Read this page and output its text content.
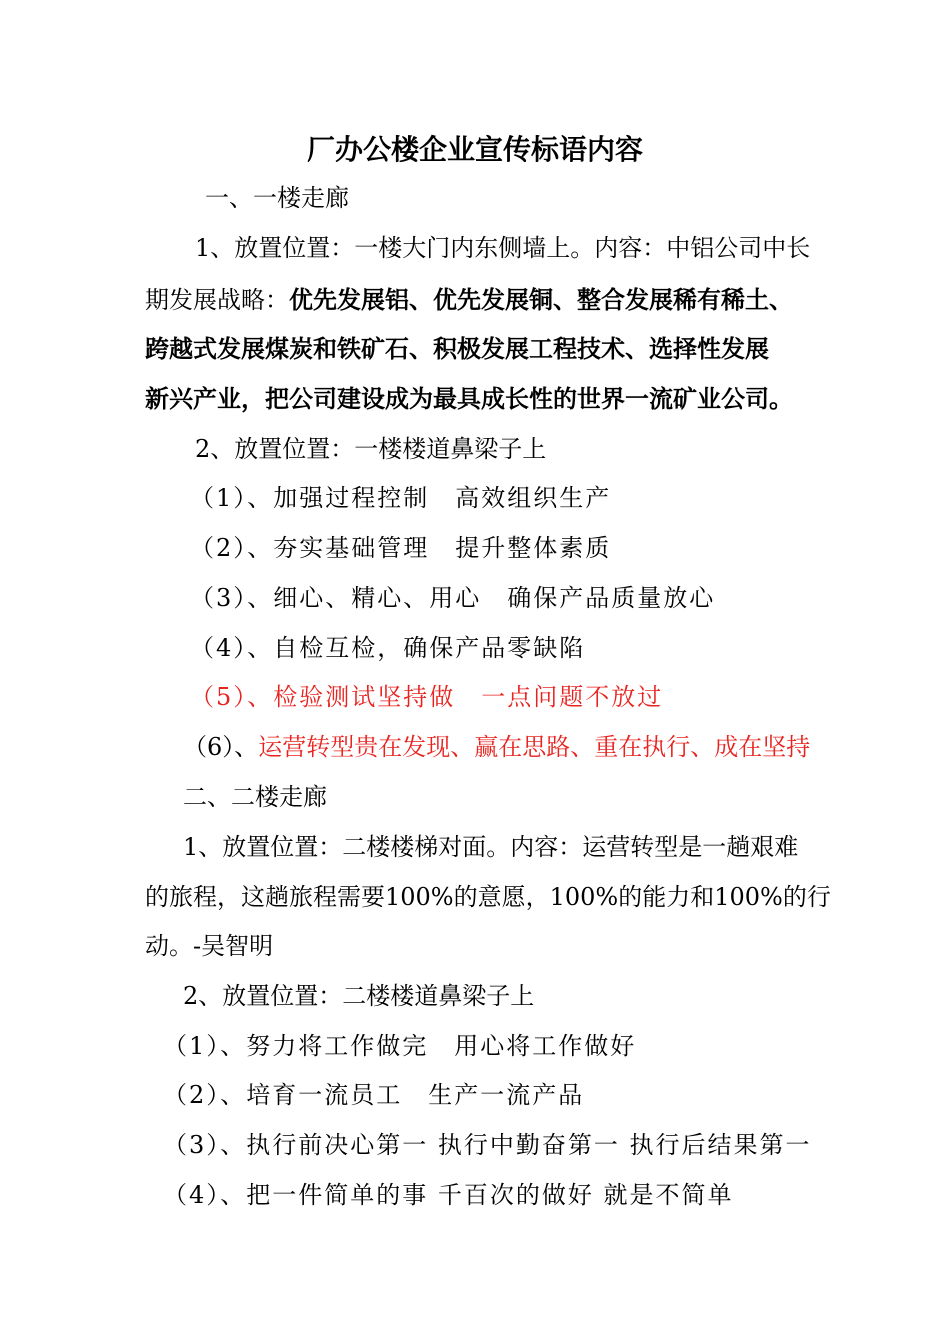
厂办公楼企业宣传标语内容
一、一楼走廊
1、放置位置：一楼大门内东侧墙上。内容：中铝公司中长
期发展战略：优先发展铝、优先发展铜、整合发展稀有稀土、
跨越式发展煤炭和铁矿石、积极发展工程技术、选择性发展
新兴产业，把公司建设成为最具成长性的世界一流矿业公司。
2、放置位置：一楼楼道鼻梁子上
（1）、加强过程控制　高效组织生产
（2）、夯实基础管理　提升整体素质
（3）、细心、精心、用心　确保产品质量放心
（4）、自检互检，确保产品零缺陷
（5）、检验测试坚持做　一点问题不放过
（6）、运营转型贵在发现、赢在思路、重在执行、成在坚持
二、二楼走廊
1、放置位置：二楼楼梯对面。内容：运营转型是一趟艰难
的旅程，这趟旅程需要100%的意愿，100%的能力和100%的行
动。-吴智明
2、放置位置：二楼楼道鼻梁子上
（1）、努力将工作做完　用心将工作做好
（2）、培育一流员工　生产一流产品
（3）、执行前决心第一 执行中勤奋第一 执行后结果第一
（4）、把一件简单的事 千百次的做好 就是不简单
